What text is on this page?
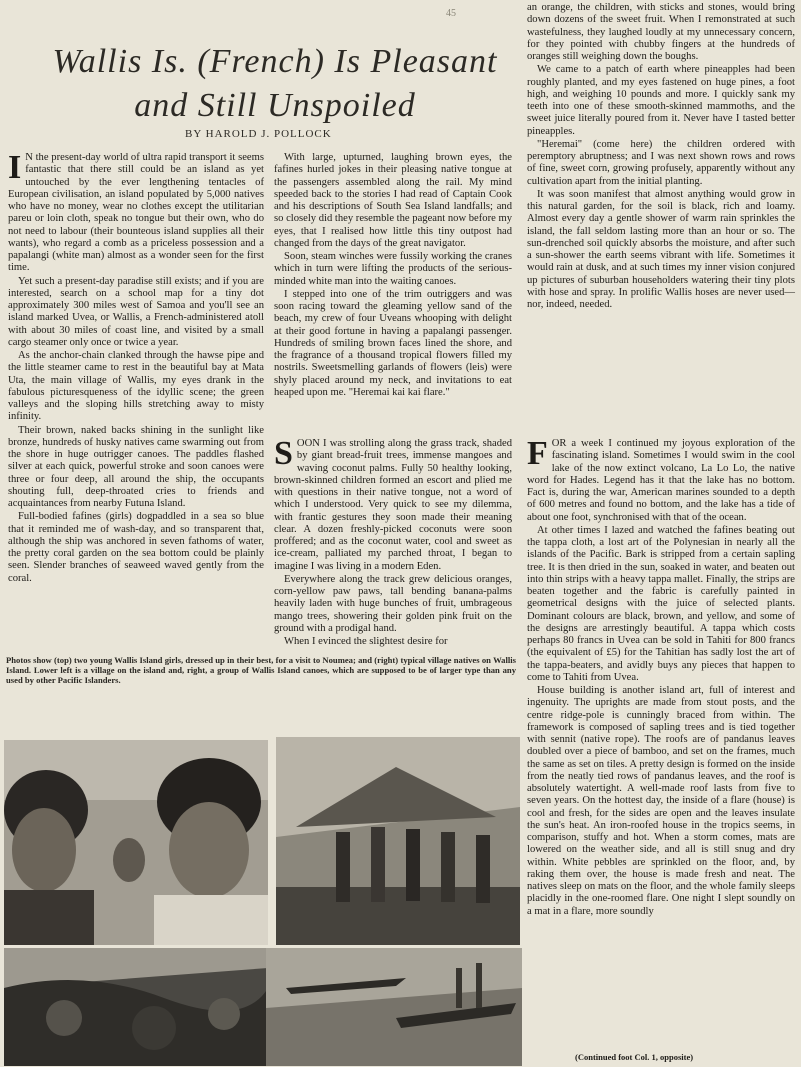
45
Wallis Is. (French) Is Pleasant and Still Unspoiled
BY HAROLD J. POLLOCK

I N the present-day world of ultra rapid transport it seems fantastic that there still could be an island as yet untouched by the ever lengthening tentacles of European civilisation, an island populated by 5,000 natives who have no money, wear no clothes except the utilitarian pareu or loin cloth, speak no tongue but their own, who do not need to labour (their bounteous island supplies all their wants), who regard a comb as a priceless possession and a papalangi (white man) almost as a wonder seen for the first time.

Yet such a present-day paradise still exists; and if you are interested, search on a school map for a tiny dot approximately 300 miles west of Samoa and you'll see an island marked Uvea, or Wallis, a French-administered atoll with about 30 miles of coast line, and visited by a small cargo steamer only once or twice a year.

As the anchor-chain clanked through the hawse pipe and the little steamer came to rest in the beautiful bay at Mata Uta, the main village of Wallis, my eyes drank in the fabulous picturesqueness of the idyllic scene; the green valleys and the sloping hills stretching away to misty infinity.

Their brown, naked backs shining in the sunlight like bronze, hundreds of husky natives came swarming out from the shore in huge outrigger canoes. The paddles flashed silver at each quick, powerful stroke and soon canoes were three or four deep, all around the ship, the occupants shouting full, deep-throated cries to friends and acquaintances from nearby Futuna Island.

Full-bodied fafines (girls) dogpaddled in a sea so blue that it reminded me of wash-day, and so transparent that, although the ship was anchored in seven fathoms of water, the pretty coral garden on the sea bottom could be plainly seen. Slender branches of seaweed waved gently from the coral.

With large, upturned, laughing brown eyes, the fafines hurled jokes in their pleasing native tongue at the passengers assembled along the rail. My mind speeded back to the stories I had read of Captain Cook and his descriptions of South Sea Island landfalls; and so closely did they resemble the pageant now before my eyes, that I realised how little this tiny outpost had changed from the days of the great navigator.

Soon, steam winches were fussily working the cranes which in turn were lifting the products of the serious-minded white man into the waiting canoes.

I stepped into one of the trim outriggers and was soon racing toward the gleaming yellow sand of the beach, my crew of four Uveans whooping with delight at their good fortune in having a papalangi passenger. Hundreds of smiling brown faces lined the shore, and the fragrance of a thousand tropical flowers filled my nostrils. Sweetsmelling garlands of flowers (leis) were shyly placed around my neck, and invitations to eat heaped upon me. "Heremai kai kai flare."

SOON I was strolling along the grass track, shaded by giant bread-fruit trees, immense mangoes and waving coconut palms. Fully 50 healthy looking, brown-skinned children formed an escort and plied me with questions in their native tongue, not a word of which I understood. Very quick to see my dilemma, with frantic gestures they soon made their meaning clear. A dozen freshly-picked coconuts were soon proffered; and as the coconut water, cool and sweet as ice-cream, palliated my parched throat, I began to imagine I was living in a modern Eden.

Everywhere along the track grew delicious oranges, corn-yellow paw paws, tall bending banana-palms heavily laden with huge bunches of fruit, umbrageous mango trees, showering their golden pink fruit on the ground with a prodigal hand.

When I evinced the slightest desire for

an orange, the children, with sticks and stones, would bring down dozens of the sweet fruit. When I remonstrated at such wastefulness, they laughed loudly at my unnecessary concern, for they pointed with chubby fingers at the hundreds of oranges still weighing down the boughs.

We came to a patch of earth where pineapples had been roughly planted, and my eyes fastened on huge pines, a foot high, and weighing 10 pounds and more. I quickly sank my teeth into one of these smooth-skinned mammoths, and the sweet juice literally poured from it. Never have I tasted better pineapples.

"Heremai" (come here) the children ordered with peremptory abruptness; and I was next shown rows and rows of fine, sweet corn, growing profusely, apparently without any cultivation apart from the initial planting.

It was soon manifest that almost anything would grow in this natural garden, for the soil is black, rich and loamy. Almost every day a gentle shower of warm rain sprinkles the island, the fall seldom lasting more than an hour or so. The sun-drenched soil quickly absorbs the moisture, and after such a sun-shower the earth seems vibrant with life. Sometimes it would rain at dusk, and at such times my inner vision conjured up pictures of suburban householders watering their tiny plots with hose and spray. In prolific Wallis hoses are never used—nor, indeed, needed.

FOR a week I continued my joyous exploration of the fascinating island. Sometimes I would swim in the cool lake of the now extinct volcano, La Lo Lo, the native word for Hades. Legend has it that the lake has no bottom. Fact is, during the war, American marines sounded to a depth of 600 metres and found no bottom, and the lake has a tide of about one foot, synchronised with that of the ocean.

At other times I lazed and watched the fafines beating out the tappa cloth, a lost art of the Polynesian in nearly all the islands of the Pacific. Bark is stripped from a certain sapling tree. It is then dried in the sun, soaked in water, and beaten out into thin strips with a heavy tappa mallet. Finally, the strips are beaten together and the fabric is carefully painted in geometrical designs with the juice of selected plants. Dominant colours are black, brown, and yellow, and some of the designs are arrestingly beautiful. A tappa which costs perhaps 80 francs in Uvea can be sold in Tahiti for 800 francs (the equivalent of £5) for the Tahitian has sadly lost the art of the tappa-beaters, and avidly buys any pieces that happen to come to Tahiti from Uvea.

House building is another island art, full of interest and ingenuity. The uprights are made from stout posts, and the centre ridge-pole is cunningly braced from within. The framework is composed of sapling trees and is tied together with sennit (native rope). The roofs are of pandanus leaves doubled over a piece of bamboo, and set on the frames, much the same as set on tiles. A pretty design is formed on the inside from the neatly tied rows of pandanus leaves, and the roof is absolutely watertight. A well-made roof lasts from five to seven years. On the hottest day, the inside of a flare (house) is cool and fresh, for the sides are open and the leaves insulate the sun's heat. An iron-roofed house in the tropics seems, in comparison, stuffy and hot. When a storm comes, mats are lowered on the weather side, and all is still snug and dry within. White pebbles are sprinkled on the floor, and, by raking them over, the house is made fresh and neat. The natives sleep on mats on the floor, and the whole family sleeps placidly in the one-roomed flare. One night I slept soundly on a mat in a flare, more soundly

Photos show (top) two young Wallis Island girls, dressed up in their best, for a visit to Noumea; and (right) typical village natives on Wallis Island. Lower left is a village on the island and, right, a group of Wallis Island canoes, which are supposed to be of larger type than any used by other Pacific Islanders.
(Continued foot Col. 1, opposite)
